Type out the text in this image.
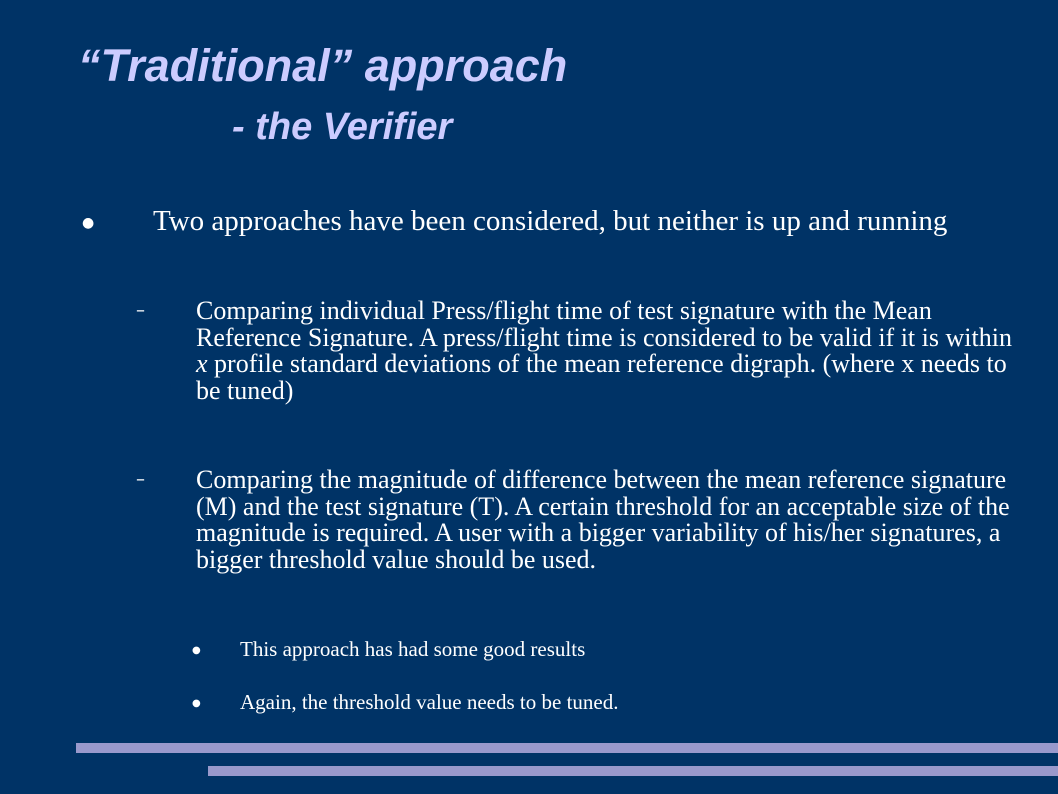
“Traditional” approach
- the Verifier
● Two approaches have been considered, but neither is up and running
– Comparing individual Press/flight time of test signature with the Mean Reference Signature. A press/flight time is considered to be valid if it is within x profile standard deviations of the mean reference digraph. (where x needs to be tuned)
– Comparing the magnitude of difference between the mean reference signature (M) and the test signature (T). A certain threshold for an acceptable size of the magnitude is required. A user with a bigger variability of his/her signatures, a bigger threshold value should be used.
● This approach has had some good results
● Again, the threshold value needs to be tuned.
